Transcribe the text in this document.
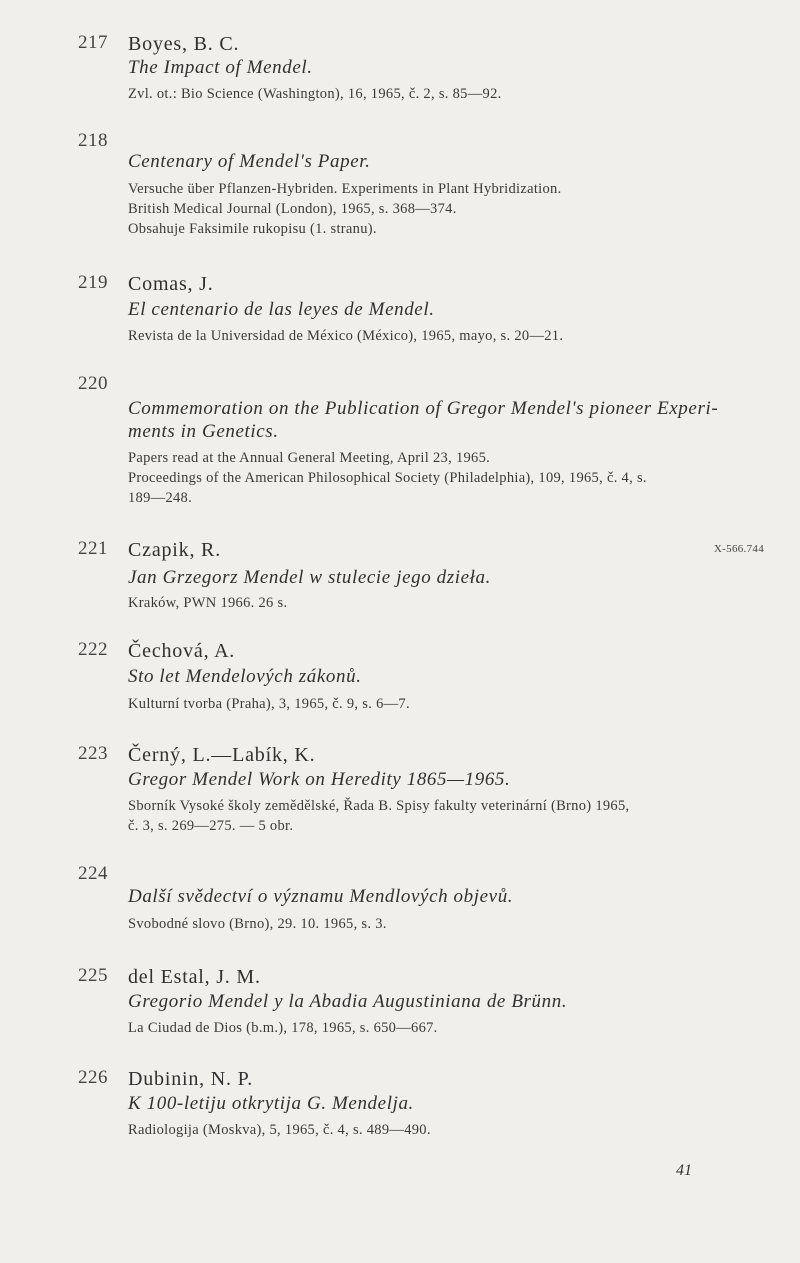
217 Boyes, B. C.
The Impact of Mendel.
Zvl. ot.: Bio Science (Washington), 16, 1965, č. 2, s. 85—92.
218
Centenary of Mendel's Paper.
Versuche über Pflanzen-Hybriden. Experiments in Plant Hybridization.
British Medical Journal (London), 1965, s. 368—374.
Obsahuje Faksimile rukopisu (1. stranu).
219 Comas, J.
El centenario de las leyes de Mendel.
Revista de la Universidad de México (México), 1965, mayo, s. 20—21.
220
Commemoration on the Publication of Gregor Mendel's pioneer Experi-
ments in Genetics.
Papers read at the Annual General Meeting, April 23, 1965.
Proceedings of the American Philosophical Society (Philadelphia), 109, 1965, č. 4, s.
189—248.
221	X-566.744
Czapik, R.
Jan Grzegorz Mendel w stulecie jego dzieła.
Kraków, PWN 1966. 26 s.
222 Čechová, A.
Sto let Mendelových zákonů.
Kulturní tvorba (Praha), 3, 1965, č. 9, s. 6—7.
223 Černý, L.—Labík, K.
Gregor Mendel Work on Heredity 1865—1965.
Sborník Vysoké školy zemědělské, Řada B. Spisy fakulty veterinární (Brno) 1965,
č. 3, s. 269—275. — 5 obr.
224
Další svědectví o významu Mendlových objevů.
Svobodné slovo (Brno), 29. 10. 1965, s. 3.
225 del Estal, J. M.
Gregorio Mendel y la Abadia Augustiniana de Brünn.
La Ciudad de Dios (b.m.), 178, 1965, s. 650—667.
226 Dubinin, N. P.
K 100-letiju otkrytija G. Mendelja.
Radiologija (Moskva), 5, 1965, č. 4, s. 489—490.
41
